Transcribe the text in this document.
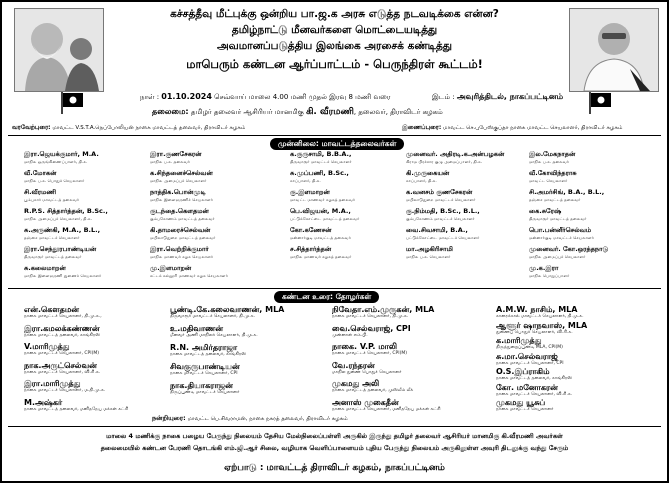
கச்சத்தீவு மீட்புக்கு ஒன்றிய பா.ஜ.க அரசு எடுத்த நடவடிக்கை என்ன?
தமிழ்நாட்டு மீனவர்களை மொட்டையடித்து
அவமானப்படுத்திய இலங்கை அரசைக் கண்டித்து
மாபெரும் கண்டன ஆர்ப்பாட்டம் - பெருந்திரள் கூட்டம்!
நாள் : 01.10.2024 செவ்வாய் மாலை 4.00 மணி முதல் இரவு 8 மணி வரை	இடம் : அவுரித்திடல், நாகப்பட்டினம்
தலைமை: தமிழர் தலைவர் ஆசிரியர் மானமிகு கி. வீரமணி, தலைவர், திராவிடர் கழகம்
வரவேற்புரை: மாவட்ட V.S.T.A.நெப்போலியன் நாகை மாவட்டத் தலைவர், திராவிடர் கழகம்	இணைப்புரை: மாவட்ட செ.புபேஸ்குப்தா நாகை மாவட்ட செயலாளர், திராவிடர் கழகம்
முன்னிலை: மாவட்டத்தலைவர்கள்
இரா.ஜெயக்குமார், M.A.
மாநில ஒருங்கிணைப்பாளர், தி.க.
வீ.மோகன்
மாநில ப.க. பொதுச் செயலாளர்
சி.வீரமணி
பூம்புகார் மாவட்டத் தலைவர்
R.P.S. சித்தார்த்தன், B.Sc.,
மாநில அமைப்புச் செயலாளர், தி.க.
சு.அருண்கி, M.A., B.L.,
தஞ்சை மாவட்டச் செயலாளர்
இரா.செந்தூரபாண்டியன்
திருவாரூர் மாவட்டத் தலைவர்
சு.கலைமாறன்
மாநில இளைஞரணி துணைச் செயலாளர்
இரா.குணசேகரன்
மாநில ப.க. தலைவர்
க.சிந்தனைச்செல்வன்
மாநில அமைப்புச் செயலாளர்
நாத்திக.பொன்முடி
மாநில இளைஞரணிச் செயலாளர்
குடந்தை.கௌதமன்
கும்பகோணம் மாவட்டத் தலைவர்
கி.தாமரைச்செல்வன்
மயிலாடுதுறை மாவட்டத் தலைவர்
இரா.வெற்றிக்குமார்
மாநில மாணவர் கழக செயலாளர்
மு.இளமாறன்
சட்டக் கல்லூரி மாணவர் கழக செயலாளர்
க.குருசாமி, B.B.A.,
திருவாரூர் மாவட்டச் செயலாளர்
சு.முப்பணி, B.Sc.,
காப்பாளர், தி.க.
கு.இளமாறன்
மாவட்ட மாணவர் கழகத் தலைவர்
பெ.விஜயன், M.A.,
பட்டுக்கோட்டை மாவட்டத் தலைவர்
கோ.கணேசன்
மன்னார்குடி மாவட்டத் தலைவர்
ச.சித்தார்த்தன்
மாநில மாணவர் கழகத் தலைவர்
முனைவர். அதிரடி.க.அன்பழகன்
கிராம பிரச்சார குழு அமைப்பாளர், தி.க.
கி.முருகையன்
காப்பாளர், தி.க.
க.வனசம் குணசேகரன்
மயிலாடுதுறை மாவட்டச் செயலாளர்
கு.நிம்மதி, B.Sc., B.L.,
கும்பகோணம் மாவட்டச் செயலாளர்
வை.சிவசாமி, B.A.,
பட்டுக்கோட்டை மாவட்டச் செயலாளர்
மா.அழகிரிசாமி
மாநில ப.க. செயலாளர்
இல.மேகநாதன்
மாநில ப.க. தலைவர்
வீ.கோவிந்தராசு
மாவட்ட செயலாளர்
சி.அமர்சிங், B.A., B.L.,
தஞ்சை மாவட்டத் தலைவர்
கை.சுரேஷ்
திருவாரூர் மாவட்டத் தலைவர்
பொ.பன்னீர்செல்வம்
மன்னார்குடி மாவட்டச் செயலாளர்
முனைவர். கோ.ஒரத்தநாடு
மாநில அமைப்புச் செயலாளர்
மு.க.இரா
மாநில பொறுப்பாளர்
கண்டன உரை: தோழர்கள்
என்.கௌதமன்
நாகை மாவட்டச் செயலாளர், தி.மு.க.,
இரா.கமலக்கண்ணன்
நாகை மாவட்டத் தலைவர், காங்கிரஸ்
V.மாரிமுத்து
நாகை மாவட்டச் செயலாளர், CPI(M)
நாக.அருட்செல்வன்
நாகை மாவட்டச் செயலாளர், வி.சி.க.
இரா.மாரிமுத்து
நாகை மாவட்டச் செயலாளர், ம.தி.மு.க.
M.அஷ்கர்
நாகை மாவட்டத் தலைவர், மனிதநேய மக்கள் கட்சி
பூண்டி.கே.கலைவாணன், MLA
திருவாரூர் மாவட்டச் செயலாளர், தி.மு.க.
உ.மதிவாணன்
மீனவர் அணி மாநிலச் செயலாளர், தி.மு.க.
R.N. அமிர்தராஜா
நாகை மாவட்டத் தலைவர், காங்கிரஸ்
சிவகுருபாண்டியன்
நாகை மாவட்டச் செயலாளர், CPI
நாக.தியாகராஜன்
திருப்பூண்டி மாவட்டச் செயலாளர்
நிவேதா.எம்.முருகன், MLA
நாகை மாவட்டச் செயலாளர், தி.மு.க.
வை.செல்வராஜ், CPI
முன்னாள் எம்.பி.
நாகை. V.P. மாலி
நாகை மாவட்டச் செயலாளர், CPI(M)
வே.ரந்தரன்
மாநில துணை பொதுச் செயலாளர்
முகமது அலி
நாகை மாவட்டத் தலைவர், முஸ்லீம் லீக்
அனாஸ் முகைதீன்
நாகை மாவட்டச் செயலாளர், மனிதநேய மக்கள் கட்சி
A.M.W. நாசிம், MLA
காரைக்கால் மாவட்டச் செயலாளர், தி.மு.க.
ஆளூர் ஷாநவாஸ், MLA
துணைப் பொதுச் செயலாளர், வி.சி.க.
க.மாரிமுத்து
திருத்துறைப்பூண்டி MLA, CPI(M)
சு.மா.செல்வராஜ்
நாகை மாவட்டச் செயலாளர், CPI
O.S.இப்ராகிம்
நாகை மாவட்டத் தலைவர், காங்கிரஸ்
கோ. மனோகரன்
நாகை மாவட்டச் செயலாளர், வி.சி.க.
முகமது யூசுப்
நாகை மாவட்டச் செயலாளர்
நன்றியுரை: மாவட்ட பெ.சிவராமன், நாகை நகரத் தலைவர், திராவிடர் கழகம்
மாலை 4 மணிக்கு நாகை பழைய பேருந்து நிலையம் தேசிய மேல்நிலைப்பள்ளி அருகில் இருந்து தமிழர் தலைவர் ஆசிரியர் மானமிகு கி.வீரமணி அவர்கள்
தலைமையில் கண்டன பேரணி தொடங்கி எம்.ஜி.ஆர் சிலை, வழியாக வெளிப்பாளையம் புதிய பேருந்து நிலையம் அருகிலுள்ள அவுரி திடலுக்கு வந்து சேரும்
ஏற்பாடு : மாவட்டத் திராவிடர் கழகம், நாகப்பட்டினம்
